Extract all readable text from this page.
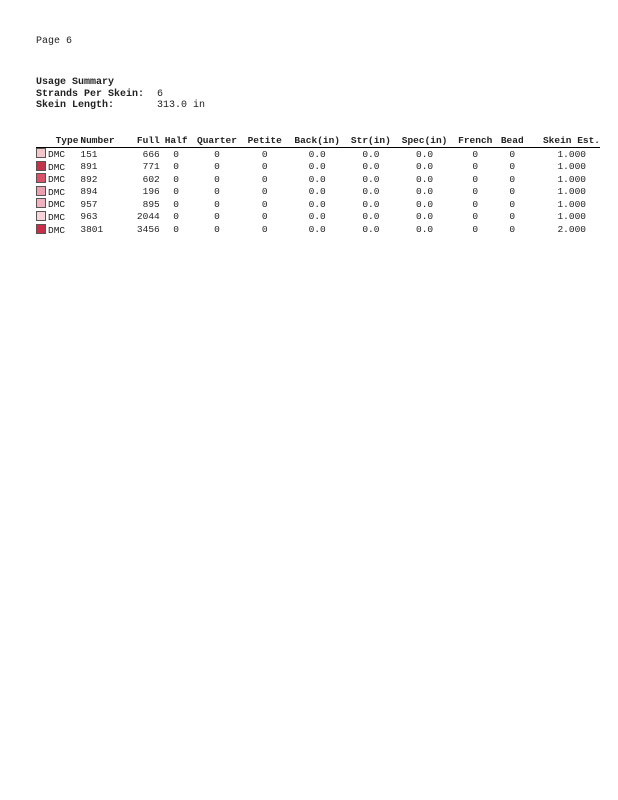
Page 6
Usage Summary
Strands Per Skein:	6
Skein Length:	313.0 in
Type	Number	Full	Half	Quarter	Petite	Back(in)	Str(in)	Spec(in)	French	Bead	Skein Est.
DMC	151	666	0	0	0	0.0	0.0	0.0	0	0	1.000
DMC	891	771	0	0	0	0.0	0.0	0.0	0	0	1.000
DMC	892	602	0	0	0	0.0	0.0	0.0	0	0	1.000
DMC	894	196	0	0	0	0.0	0.0	0.0	0	0	1.000
DMC	957	895	0	0	0	0.0	0.0	0.0	0	0	1.000
DMC	963	2044	0	0	0	0.0	0.0	0.0	0	0	1.000
DMC	3801	3456	0	0	0	0.0	0.0	0.0	0	0	2.000
